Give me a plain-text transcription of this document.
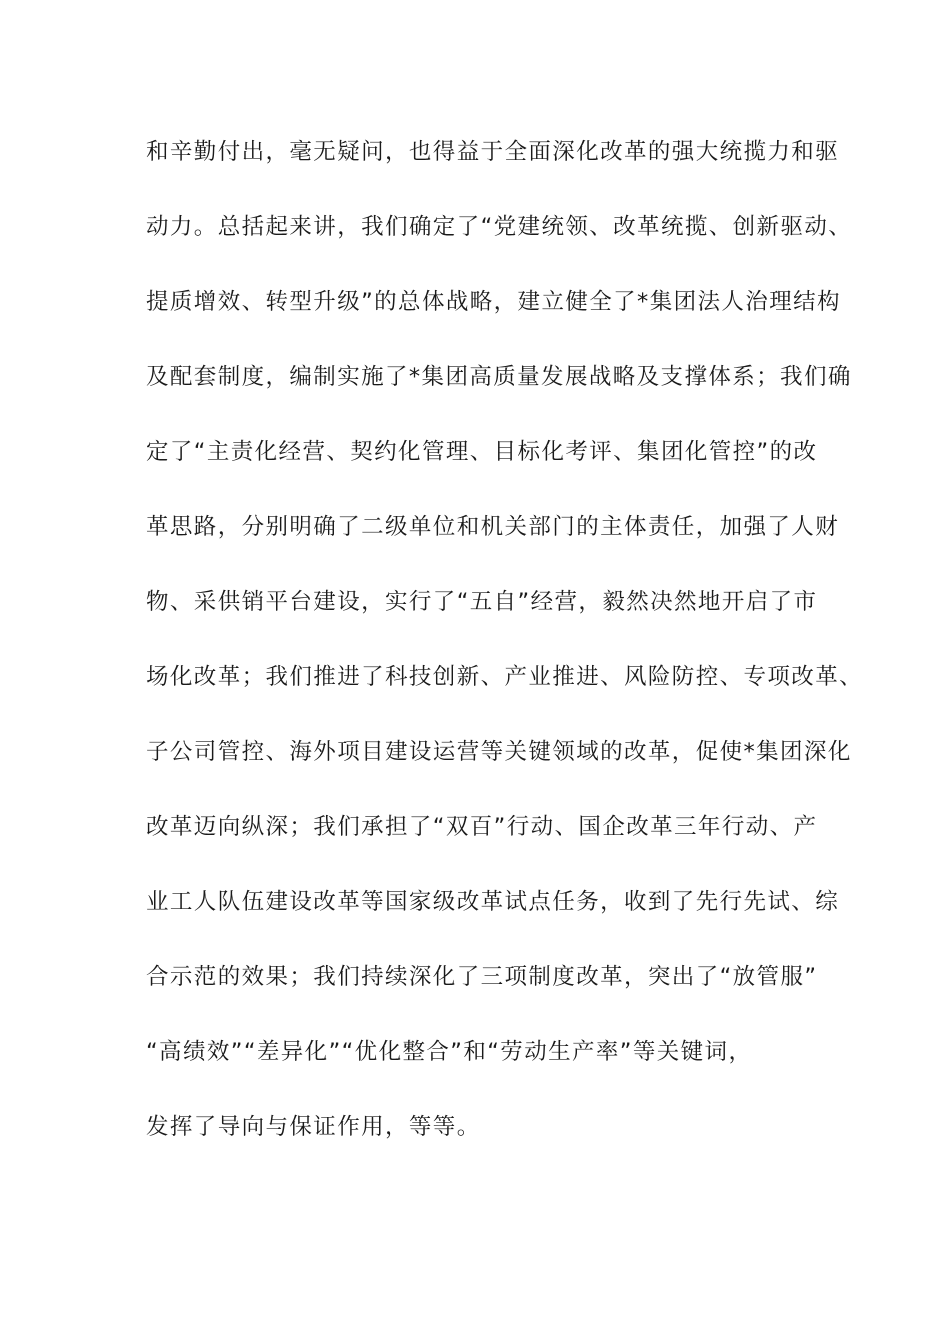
和辛勤付出，毫无疑问，也得益于全面深化改革的强大统揽力和驱
动力。总括起来讲，我们确定了“党建统领、改革统揽、创新驱动、
提质增效、转型升级”的总体战略，建立健全了*集团法人治理结构
及配套制度，编制实施了*集团高质量发展战略及支撑体系；我们确
定了“主责化经营、契约化管理、目标化考评、集团化管控”的改
革思路，分别明确了二级单位和机关部门的主体责任，加强了人财
物、采供销平台建设，实行了“五自”经营，毅然决然地开启了市
场化改革；我们推进了科技创新、产业推进、风险防控、专项改革、
子公司管控、海外项目建设运营等关键领域的改革，促使*集团深化
改革迈向纵深；我们承担了“双百”行动、国企改革三年行动、产
业工人队伍建设改革等国家级改革试点任务，收到了先行先试、综
合示范的效果；我们持续深化了三项制度改革，突出了“放管服”
“高绩效”“差异化”“优化整合”和“劳动生产率”等关键词，
发挥了导向与保证作用，等等。
